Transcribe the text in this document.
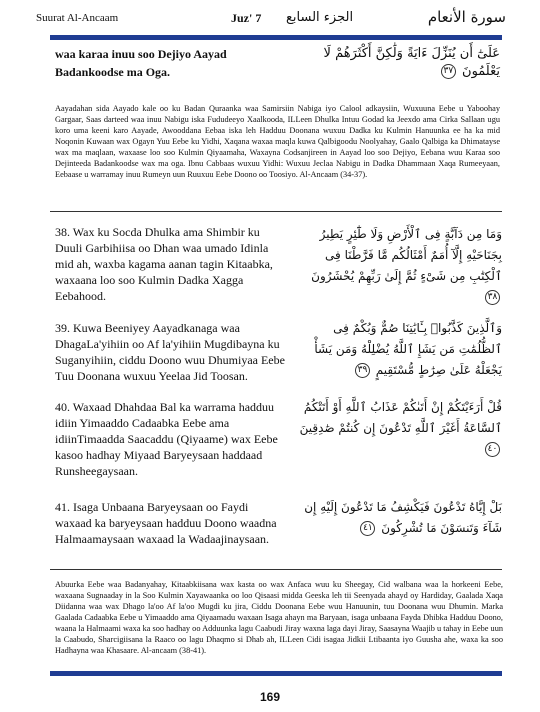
Suurat Al-Ancaam	Juz' 7 الجزء السابع	سورة الأنعام
waa karaa inuu soo Dejiyo Aayad Badankoodse ma Oga.
عَلَىٰٓ أَن يُنَزِّلَ ءَايَةً وَلَٰكِنَّ أَكْثَرَهُمْ لَا يَعْلَمُونَ ٣٧
Aayadahan sida Aayado kale oo ku Badan Quraanka waa Samirsiin Nabiga iyo Calool adkaysiin, Wuxuuna Eebe u Yaboohay Gargaar, Saas darteed waa inuu Nabigu iska Fududeeyo Xaalkooda, ILLeen Dhulka Intuu Godad ka Jeexdo ama Cirka Sallaan ugu koro uma keeni karo Aayade, Awooddana Eebaa iska leh Hadduu Doonana wuxuu Dadka ku Kulmin Hanuunka ee ha ka mid Noqonin Kuwaan wax Ogayn Yuu Eebe ku Yidhi, Xaqana waxaa maqla kuwa Qalbigoodu Noolyahay, Gaalo Qalbiga ka Dhimatayse wax ma maqlaan, waxaase loo soo Kulmin Qiyaamaha, Waxayna Codsanjireen in Aayad loo soo Dejiyo, Eebana wuu Karaa soo Dejinteeda Badankoodse wax ma oga. Ibnu Cabbaas wuxuu Yidhi: Wuxuu Jeclaa Nabigu in Dadka Dhammaan Xaqa Rumeeyaan, Eebaase u warramay inuu Rumeyn uun Ruuxuu Eebe Doono oo Toosiyo. Al-Ancaam (34-37).
38. Wax ku Socda Dhulka ama Shimbir ku Duuli Garbihiisa oo Dhan waa umado Idinla mid ah, waxba kagama aanan tagin Kitaabka, waxaana loo soo Kulmin Dadka Xagga Eebahood.
وَمَا مِن دَآبَّةٍ فِى ٱلْأَرْضِ وَلَا طَٰٓئِرٍ يَطِيرُ بِجَنَاحَيْهِ إِلَّآ أُمَمٌ أَمْثَالُكُم مَّا فَرَّطْنَا فِى ٱلْكِتَٰبِ مِن شَىْءٍ ثُمَّ إِلَىٰ رَبِّهِمْ يُحْشَرُونَ ٣٨
39. Kuwa Beeniyey Aayadkanaga waa DhagaLa'yihiin oo Af la'yihiin Mugdibayna ku Suganyihiin, ciddu Doono wuu Dhumiyaa Eebe Tuu Doonana wuxuu Yeelaa Jid Toosan.
وَٱلَّذِينَ كَذَّبُوا۟ بِـَٔايَٰتِنَا صُمٌّ وَبُكْمٌ فِى ٱلظُّلُمَٰتِ مَن يَشَإِ ٱللَّهُ يُضْلِلْهُ وَمَن يَشَأْ يَجْعَلْهُ عَلَىٰ صِرَٰطٍ مُّسْتَقِيمٍ ٣٩
40. Waxaad Dhahdaa Bal ka warrama hadduu idiin Yimaaddo Cadaabka Eebe ama idiinTimaadda Saacaddu (Qiyaame) wax Eebe kasoo hadhay Miyaad Baryeysaan haddaad Runsheegaysaan.
قُلْ أَرَءَيْتَكُمْ إِنْ أَتَىٰكُمْ عَذَابُ ٱللَّهِ أَوْ أَتَتْكُمُ ٱلسَّاعَةُ أَغَيْرَ ٱللَّهِ تَدْعُونَ إِن كُنتُمْ صَٰدِقِينَ ٤٠
41. Isaga Unbaana Baryeysaan oo Faydi waxaad ka baryeysaan hadduu Doono waadna Halmaamaysaan waxaad la Wadaajinaysaan.
بَلْ إِيَّاهُ تَدْعُونَ فَيَكْشِفُ مَا تَدْعُونَ إِلَيْهِ إِن شَآءَ وَتَنسَوْنَ مَا تُشْرِكُونَ ٤١
Abuurka Eebe waa Badanyahay, Kitaabkiisana wax kasta oo wax Anfaca wuu ku Sheegay, Cid walbana waa la horkeeni Eebe, waxaana Sugnaaday in la Soo Kulmin Xayawaanka oo loo Qisaasi midda Geeska leh tii Seenyada ahayd oy Hardiday, Gaalada Xaqa Diidanna waa wax Dhago la'oo Af la'oo Mugdi ku jira, Ciddu Doonana Eebe wuu Hanuunin, tuu Doonana wuu Dhumin. Marka Gaalada Cadaabka Eebe u Yimaaddo ama Qiyaamadu waxaan Isaga ahayn ma Baryaan, isaga unbaana Fayda Dhibka Hadduu Doono, waana la Halmaami waxa ka soo hadhay oo Adduunka lagu Caabudi Jiray waxna laga dayi Jiray, Saasayna Waajib u tahay in Eebe uun la Caabudo, Sharcigiisana la Raaco oo lagu Dhaqmo si Dhab ah, ILLeen Cidi isagaa Jidkii Ltibaanta iyo Guusha ahe, waxa ka soo Hadhayna waa Khasaare. Al-ancaam (38-41).
169
